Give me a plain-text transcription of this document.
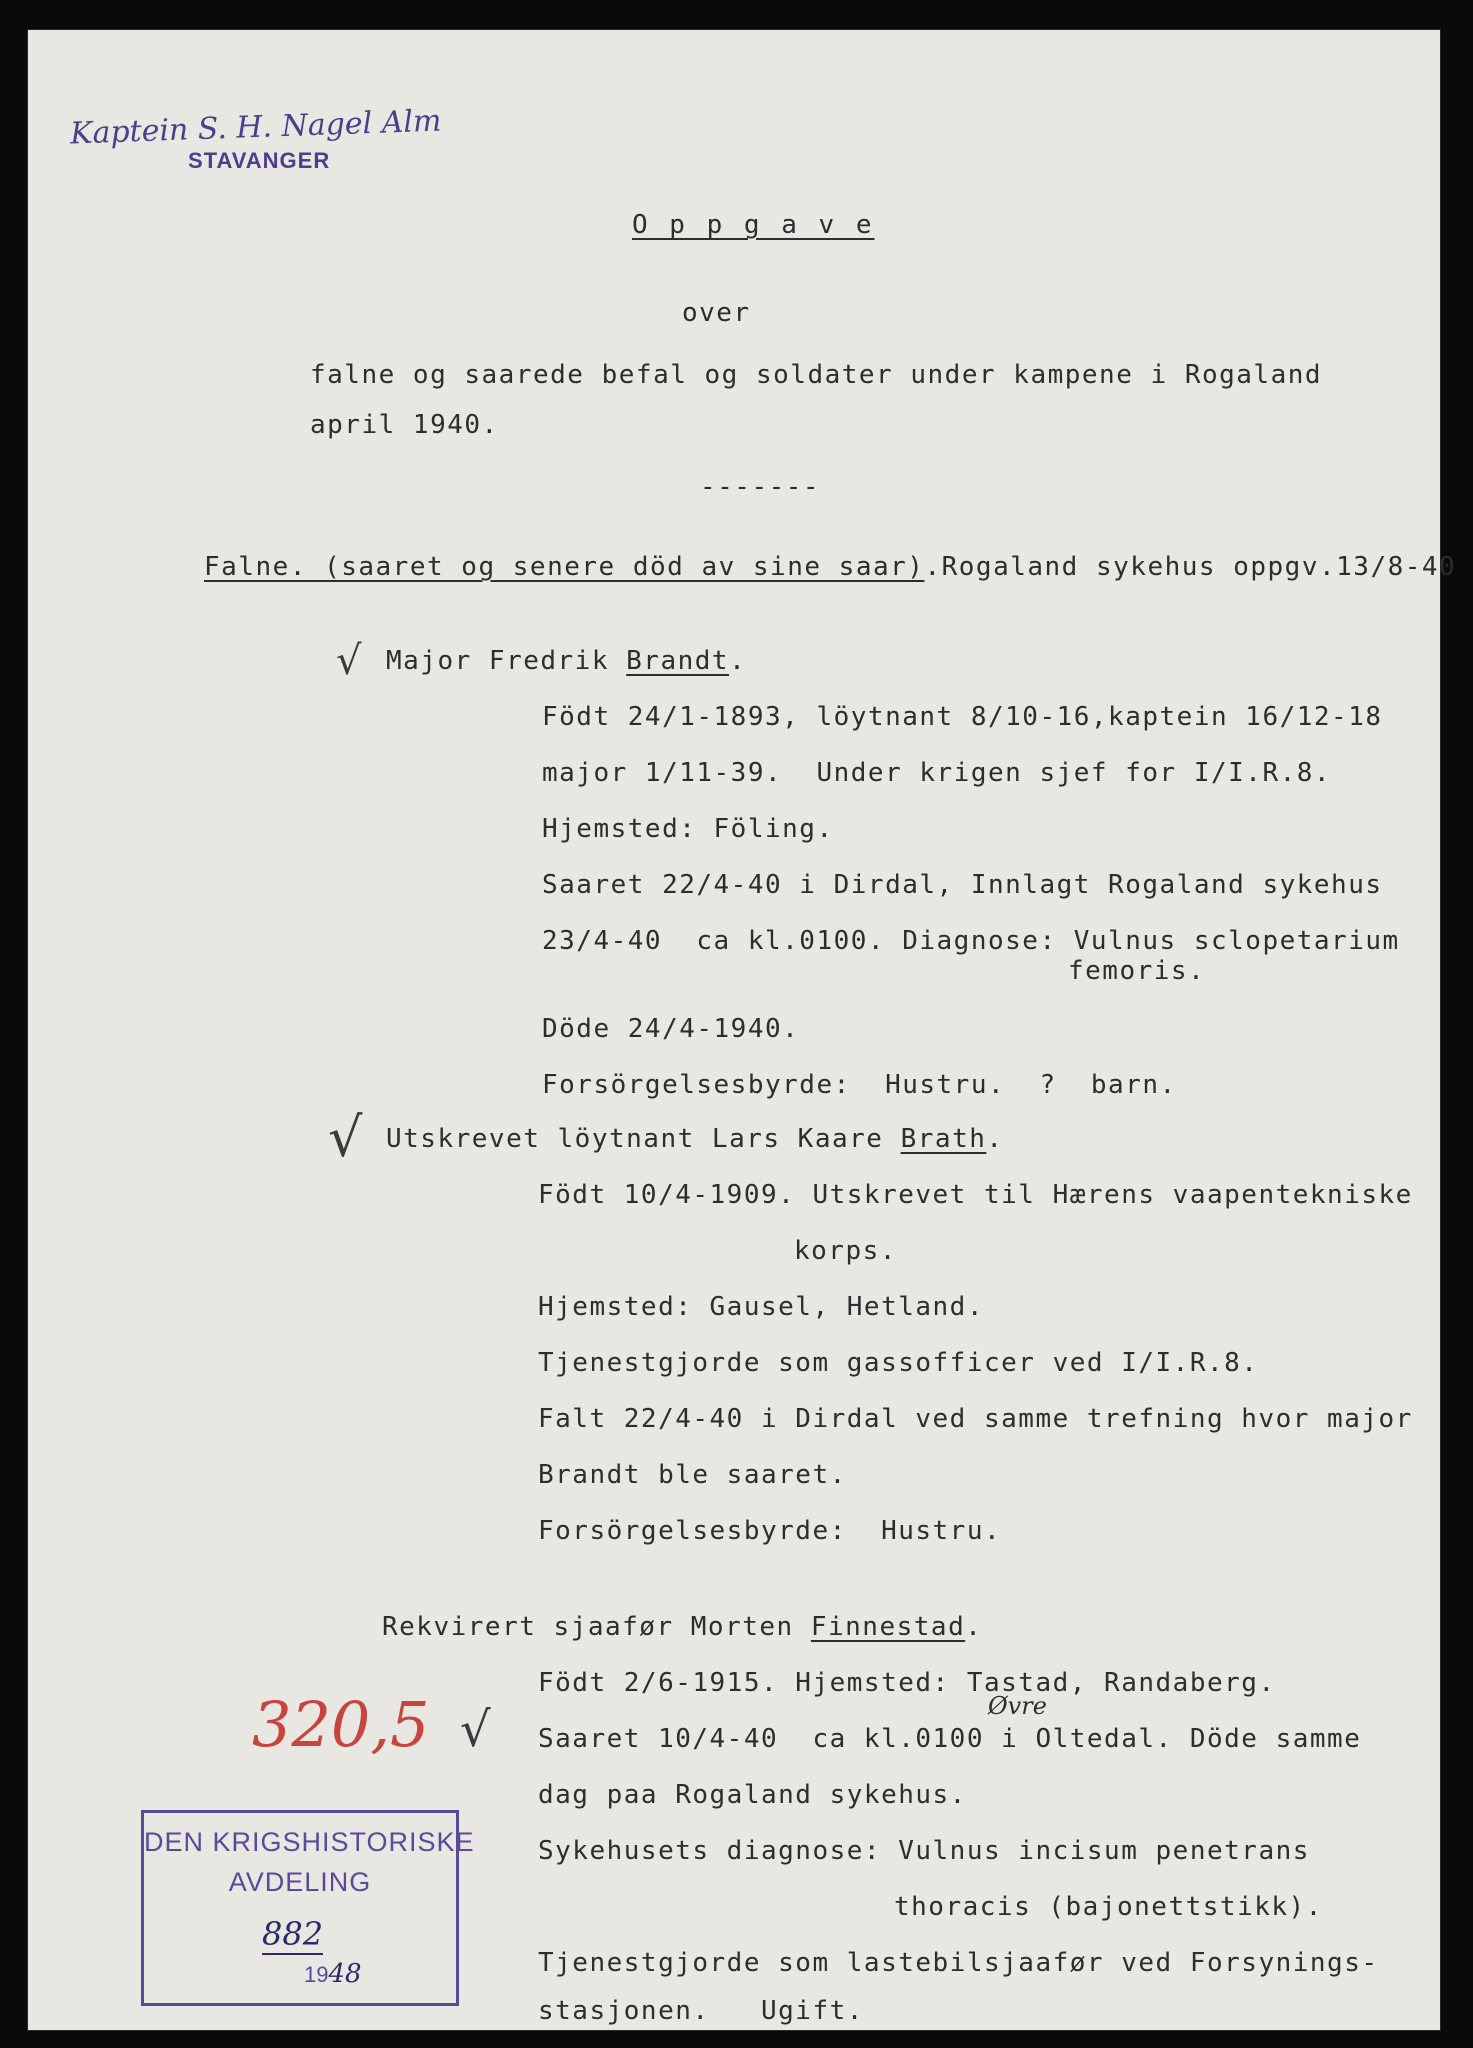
Kaptein S. H. Nagel Alm
STAVANGER
O p p g a v e
over
falne og saarede befal og soldater under kampene i Rogaland
april 1940.
-------
Falne. (saaret og senere död av sine saar).Rogaland sykehus oppgv.13/8-40
√ Major Fredrik Brandt.
Födt 24/1-1893, löytnant 8/10-16,kaptein 16/12-18
major 1/11-39.  Under krigen sjef for I/I.R.8.
Hjemsted: Föling.
Saaret 22/4-40 i Dirdal, Innlagt Rogaland sykehus
23/4-40  ca kl.0100. Diagnose: Vulnus sclopetarium
femoris.
Döde 24/4-1940.
Forsörgelsesbyrde:  Hustru.  ?  barn.
√ Utskrevet löytnant Lars Kaare Brath.
Födt 10/4-1909. Utskrevet til Hærens vaapentekniske
korps.
Hjemsted: Gausel, Hetland.
Tjenestgjorde som gassofficer ved I/I.R.8.
Falt 22/4-40 i Dirdal ved samme trefning hvor major
Brandt ble saaret.
Forsörgelsesbyrde:  Hustru.
Rekvirert sjaafør Morten Finnestad.
Födt 2/6-1915. Hjemsted: Tastad, Randaberg.
Øvre
Saaret 10/4-40  ca kl.0100 i Oltedal. Döde samme
dag paa Rogaland sykehus.
Sykehusets diagnose: Vulnus incisum penetrans
thoracis (bajonettstikk).
Tjenestgjorde som lastebilsjaafør ved Forsynings-
stasjonen.   Ugift.
320,5 √
DEN KRIGSHISTORISKE
AVDELING
882
1948
